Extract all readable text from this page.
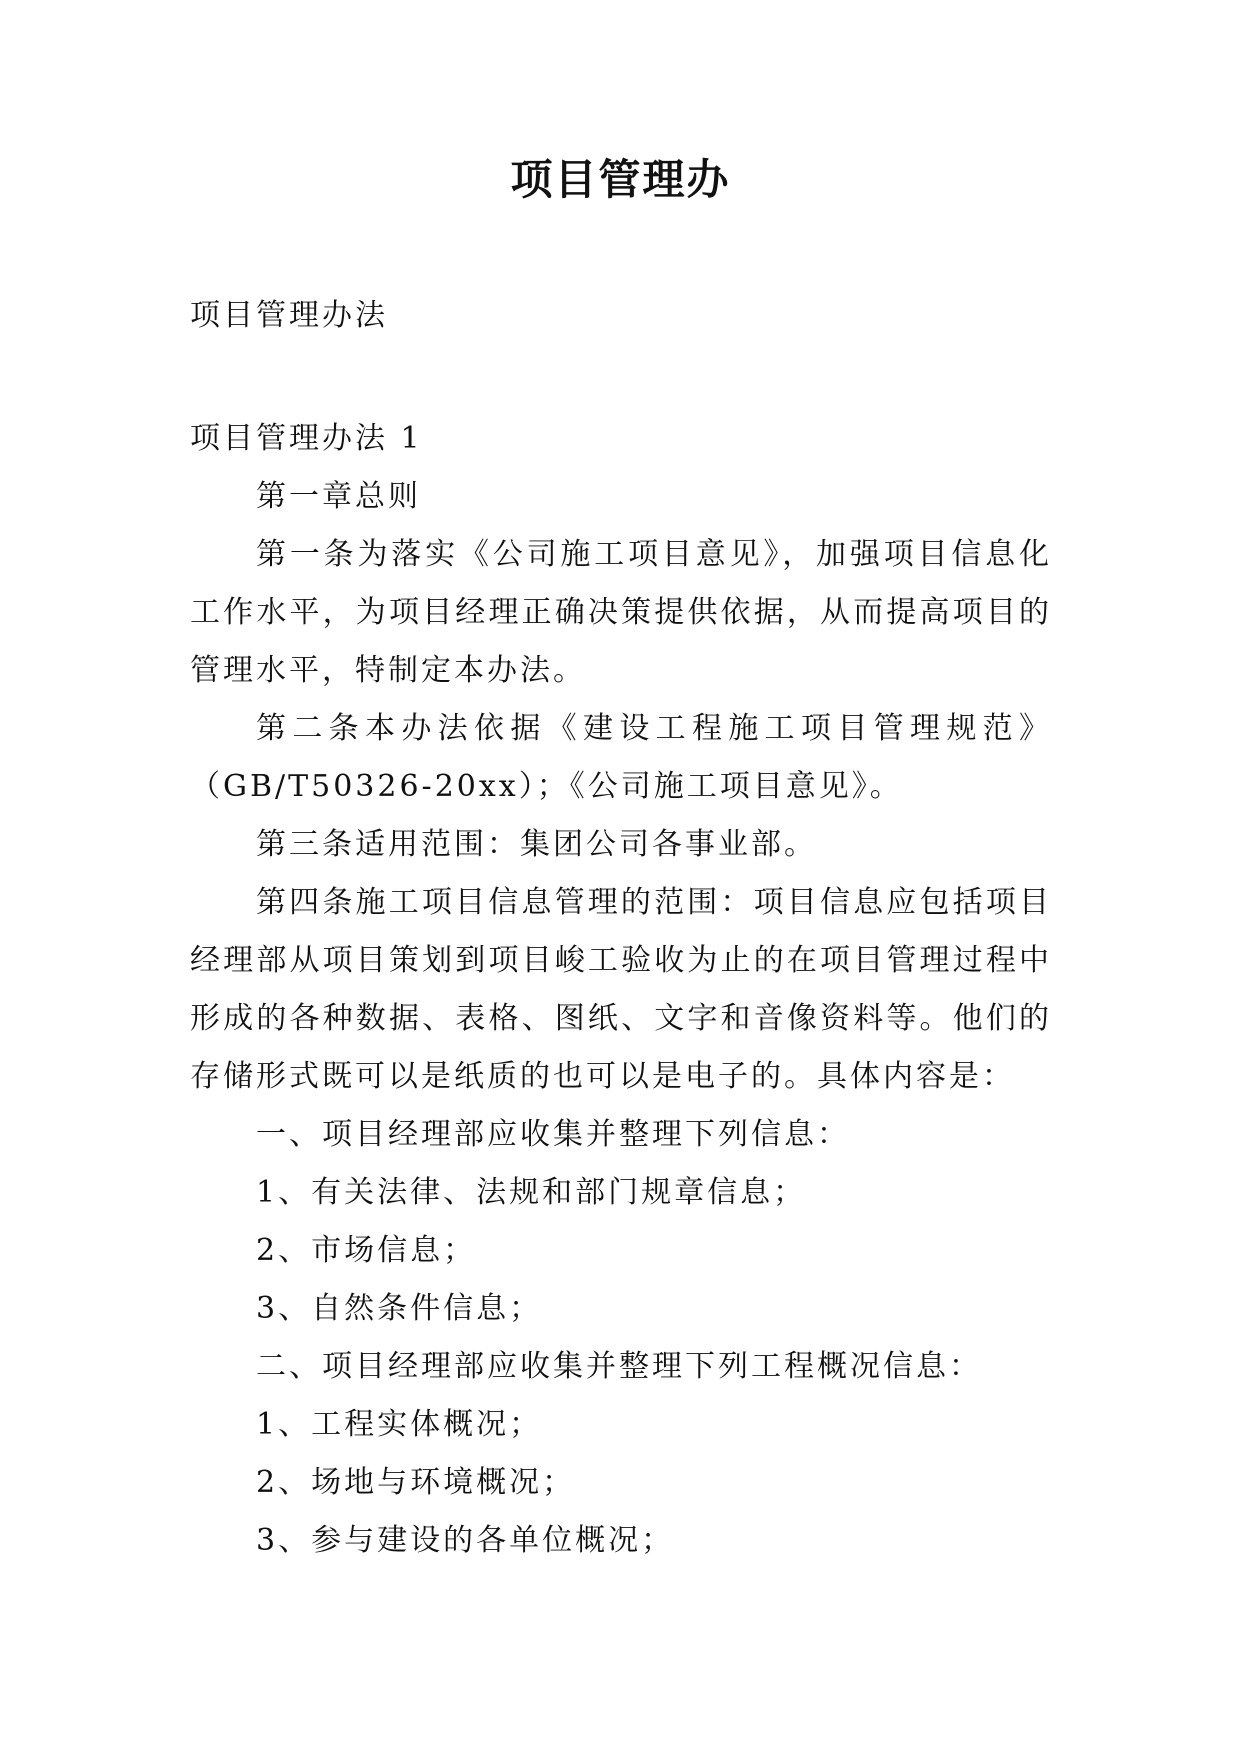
项目管理办
项目管理办法

项目管理办法 1

第一章总则

第一条为落实《公司施工项目意见》，加强项目信息化工作水平，为项目经理正确决策提供依据，从而提高项目的管理水平，特制定本办法。

第二条本办法依据《建设工程施工项目管理规范》（GB/T50326-20xx）；《公司施工项目意见》。

第三条适用范围：集团公司各事业部。

第四条施工项目信息管理的范围：项目信息应包括项目经理部从项目策划到项目峻工验收为止的在项目管理过程中形成的各种数据、表格、图纸、文字和音像资料等。他们的存储形式既可以是纸质的也可以是电子的。具体内容是：

一、项目经理部应收集并整理下列信息：

1、有关法律、法规和部门规章信息；

2、市场信息；

3、自然条件信息；

二、项目经理部应收集并整理下列工程概况信息：

1、工程实体概况；

2、场地与环境概况；

3、参与建设的各单位概况；
